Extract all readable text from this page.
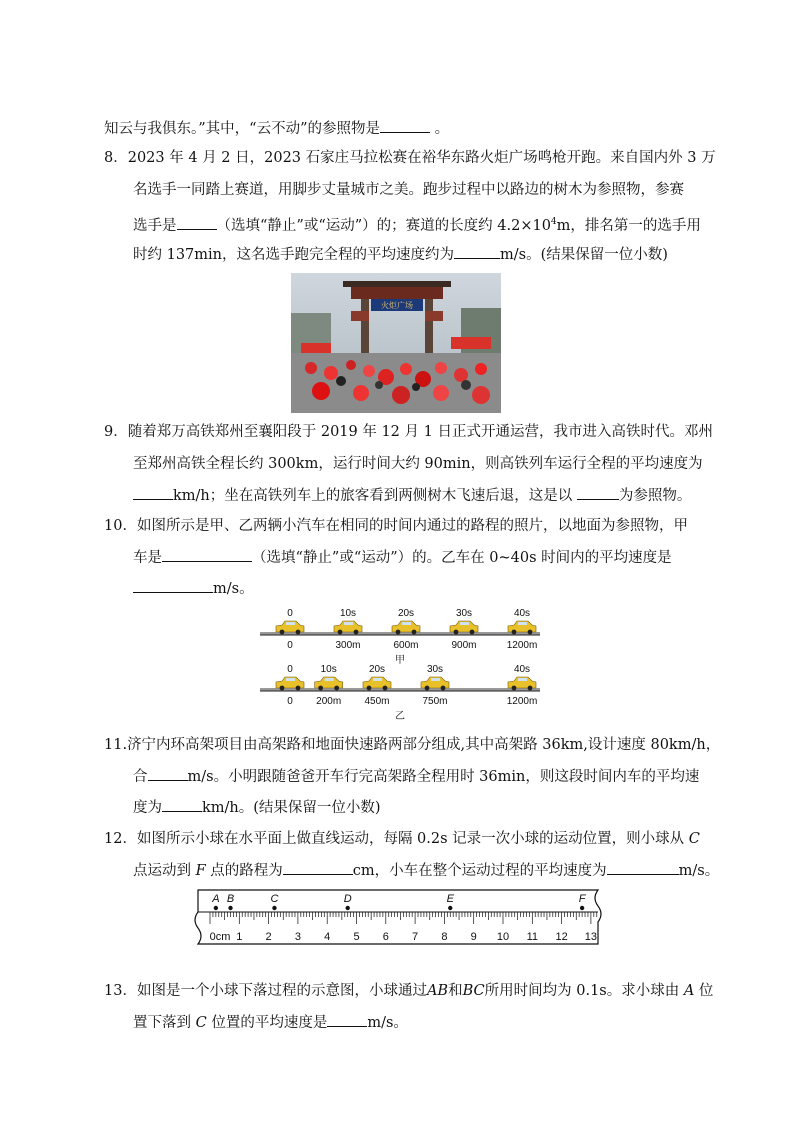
知云与我俱东。”其中，“云不动”的参照物是	。
8．2023 年 4 月 2 日，2023 石家庄马拉松赛在裕华东路火炬广场鸣枪开跑。来自国内外 3 万
名选手一同踏上赛道，用脚步丈量城市之美。跑步过程中以路边的树木为参照物，参赛
选手是	（选填“静止”或“运动”）的；赛道的长度约 $4.2\times 10^4m$，排名第一的选手用
时约 137min，这名选手跑完全程的平均速度约为	m/s。(结果保留一位小数)
火炬广场
9．随着郑万高铁郑州至襄阳段于 2019 年 12 月 1 日正式开通运营，我市进入高铁时代。邓州
至郑州高铁全程长约 300km，运行时间大约 90min，则高铁列车运行全程的平均速度为
km/h；坐在高铁列车上的旅客看到两侧树木飞速后退，这是以	为参照物。
10．如图所示是甲、乙两辆小汽车在相同的时间内通过的路程的照片，以地面为参照物，甲
车是	（选填“静止”或“运动”）的。乙车在 0~40s 时间内的平均速度是
m/s。
0
0
10s
300m
20s
600m
30s
900m
40s
1200m
甲
0
0
10s
200m
20s
450m
30s
750m
40s
1200m
乙
11.济宁内环高架项目由高架路和地面快速路两部分组成,其中高架路 36km,设计速度 80km/h，
合	m/s。小明跟随爸爸开车行完高架路全程用时 36min，则这段时间内车的平均速
度为	km/h。(结果保留一位小数)
12．如图所示小球在水平面上做直线运动，每隔 0.2s 记录一次小球的运动位置，则小球从 C
点运动到 F 点的路程为	cm，小车在整个运动过程的平均速度为	m/s。
0cm 1 2 3 4 5 6 7 8 9 10 11 12 13
A B	C	D	E	F
13．如图是一个小球下落过程的示意图，小球通过AB和BC所用时间均为 0.1s。求小球由 A 位
置下落到 C 位置的平均速度是	m/s。
